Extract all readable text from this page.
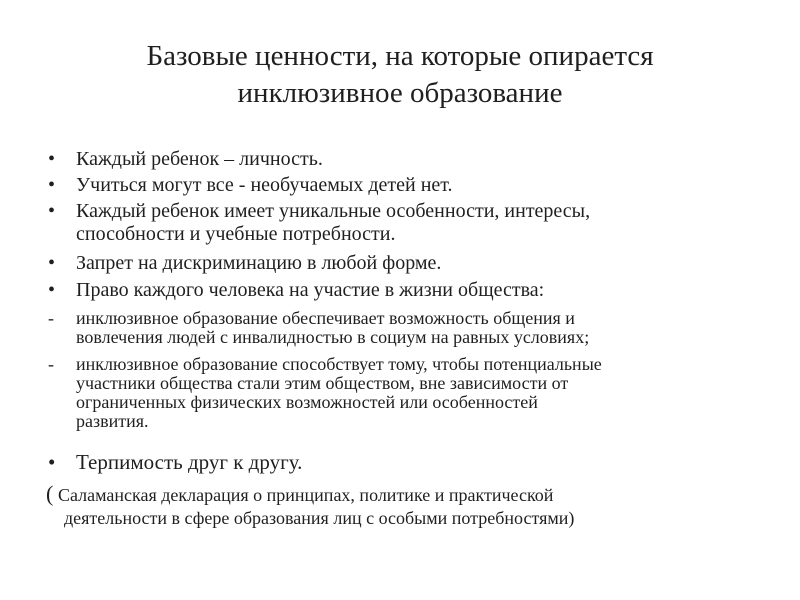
Базовые ценности, на которые опирается
инклюзивное образование
• Каждый ребенок – личность.
• Учиться могут все - необучаемых детей нет.
• Каждый ребенок имеет уникальные особенности, интересы,
способности и учебные потребности.
• Запрет на дискриминацию в любой форме.
• Право каждого человека на участие в жизни общества:
- инклюзивное образование обеспечивает возможность общения и
вовлечения людей с инвалидностью в социум на равных условиях;
- инклюзивное образование способствует тому, чтобы потенциальные
участники общества стали этим обществом, вне зависимости от
ограниченных физических возможностей или особенностей
развития.
• Терпимость друг к другу.
( Саламанская декларация о принципах, политике и практической
деятельности в сфере образования лиц с особыми потребностями)
